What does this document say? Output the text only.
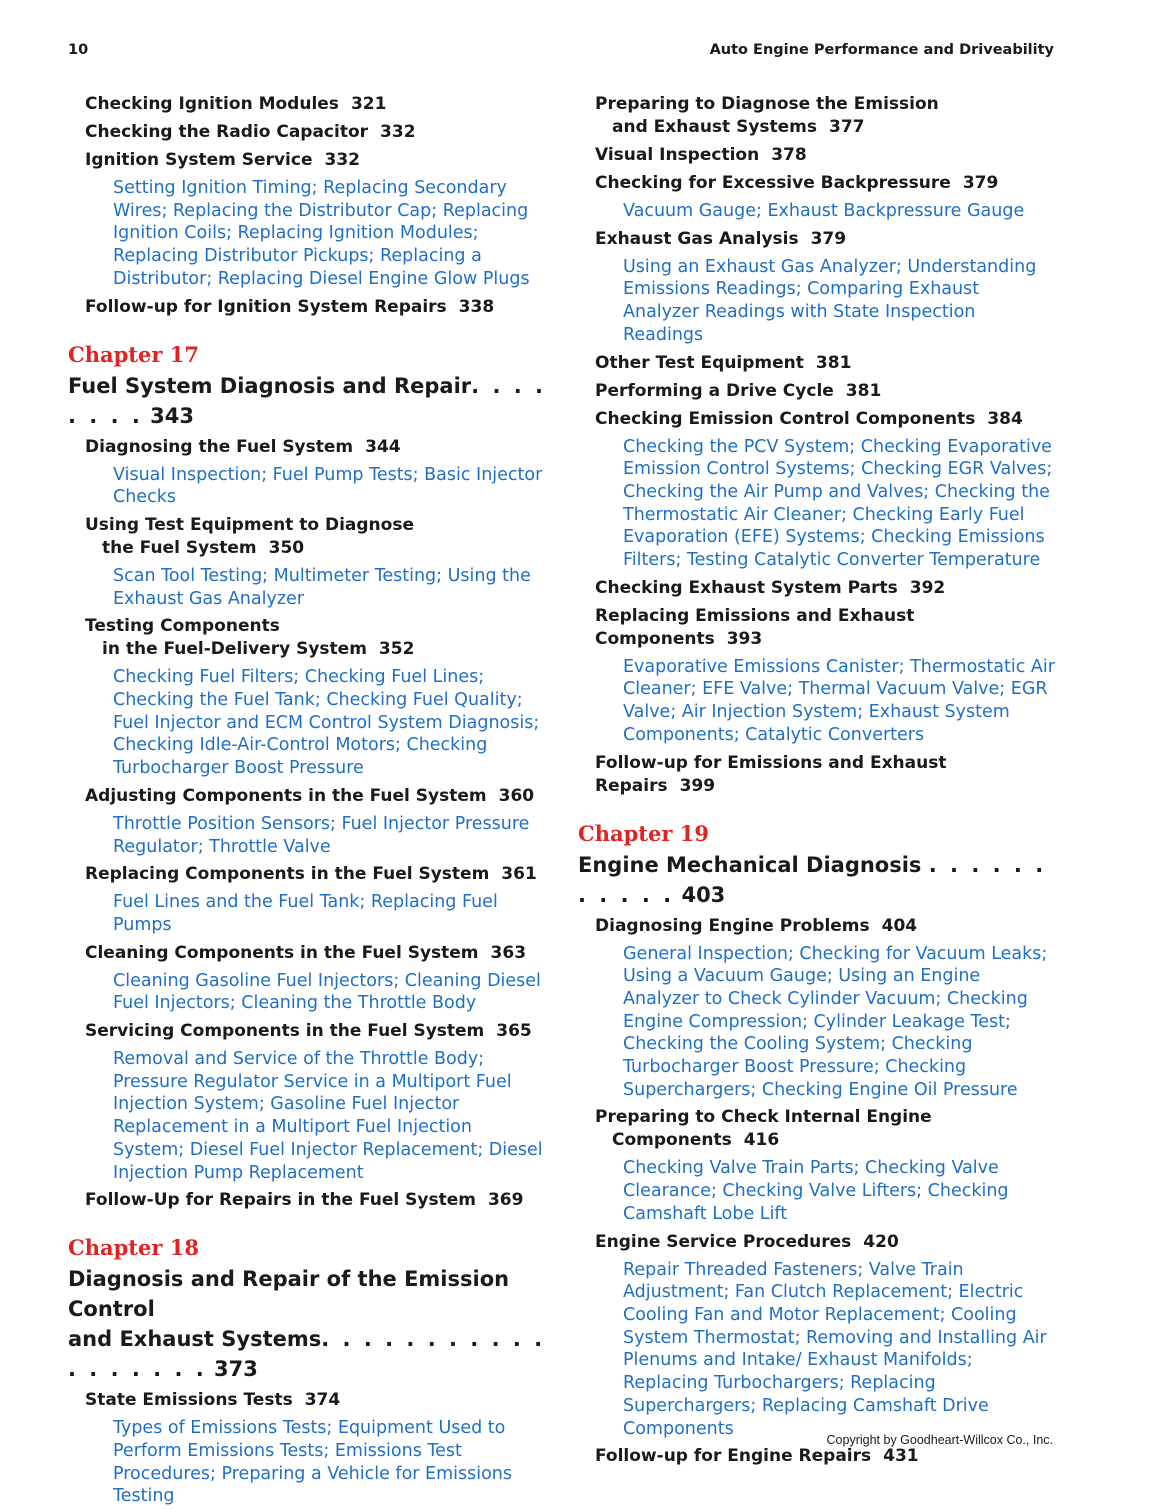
10	Auto Engine Performance and Driveability
Checking Ignition Modules 321
Checking the Radio Capacitor 332
Ignition System Service 332
Setting Ignition Timing; Replacing Secondary Wires; Replacing the Distributor Cap; Replacing Ignition Coils; Replacing Ignition Modules; Replacing Distributor Pickups; Replacing a Distributor; Replacing Diesel Engine Glow Plugs
Follow-up for Ignition System Repairs 338
Chapter 17
Fuel System Diagnosis and Repair. . . . . . . . 343
Diagnosing the Fuel System 344
Visual Inspection; Fuel Pump Tests; Basic Injector Checks
Using Test Equipment to Diagnose
the Fuel System 350
Scan Tool Testing; Multimeter Testing; Using the Exhaust Gas Analyzer
Testing Components
in the Fuel-Delivery System 352
Checking Fuel Filters; Checking Fuel Lines; Checking the Fuel Tank; Checking Fuel Quality; Fuel Injector and ECM Control System Diagnosis; Checking Idle-Air-Control Motors; Checking Turbocharger Boost Pressure
Adjusting Components in the Fuel System 360
Throttle Position Sensors; Fuel Injector Pressure Regulator; Throttle Valve
Replacing Components in the Fuel System 361
Fuel Lines and the Fuel Tank; Replacing Fuel Pumps
Cleaning Components in the Fuel System 363
Cleaning Gasoline Fuel Injectors; Cleaning Diesel Fuel Injectors; Cleaning the Throttle Body
Servicing Components in the Fuel System 365
Removal and Service of the Throttle Body; Pressure Regulator Service in a Multiport Fuel Injection System; Gasoline Fuel Injector Replacement in a Multiport Fuel Injection System; Diesel Fuel Injector Replacement; Diesel Injection Pump Replacement
Follow-Up for Repairs in the Fuel System 369
Chapter 18
Diagnosis and Repair of the Emission Control
and Exhaust Systems. . . . . . . . . . . . . . . . . . 373
State Emissions Tests 374
Types of Emissions Tests; Equipment Used to Perform Emissions Tests; Emissions Test Procedures; Preparing a Vehicle for Emissions Testing
Preparing to Diagnose the Emission
and Exhaust Systems 377
Visual Inspection 378
Checking for Excessive Backpressure 379
Vacuum Gauge; Exhaust Backpressure Gauge
Exhaust Gas Analysis 379
Using an Exhaust Gas Analyzer; Understanding Emissions Readings; Comparing Exhaust Analyzer Readings with State Inspection Readings
Other Test Equipment 381
Performing a Drive Cycle 381
Checking Emission Control Components 384
Checking the PCV System; Checking Evaporative Emission Control Systems; Checking EGR Valves; Checking the Air Pump and Valves; Checking the Thermostatic Air Cleaner; Checking Early Fuel Evaporation (EFE) Systems; Checking Emissions Filters; Testing Catalytic Converter Temperature
Checking Exhaust System Parts 392
Replacing Emissions and Exhaust Components 393
Evaporative Emissions Canister; Thermostatic Air Cleaner; EFE Valve; Thermal Vacuum Valve; EGR Valve; Air Injection System; Exhaust System Components; Catalytic Converters
Follow-up for Emissions and Exhaust Repairs 399
Chapter 19
Engine Mechanical Diagnosis . . . . . . . . . . . 403
Diagnosing Engine Problems 404
General Inspection; Checking for Vacuum Leaks; Using a Vacuum Gauge; Using an Engine Analyzer to Check Cylinder Vacuum; Checking Engine Compression; Cylinder Leakage Test; Checking the Cooling System; Checking Turbocharger Boost Pressure; Checking Superchargers; Checking Engine Oil Pressure
Preparing to Check Internal Engine
Components 416
Checking Valve Train Parts; Checking Valve Clearance; Checking Valve Lifters; Checking Camshaft Lobe Lift
Engine Service Procedures 420
Repair Threaded Fasteners; Valve Train Adjustment; Fan Clutch Replacement; Electric Cooling Fan and Motor Replacement; Cooling System Thermostat; Removing and Installing Air Plenums and Intake/ Exhaust Manifolds; Replacing Turbochargers; Replacing Superchargers; Replacing Camshaft Drive Components
Follow-up for Engine Repairs 431
Copyright by Goodheart-Willcox Co., Inc.
